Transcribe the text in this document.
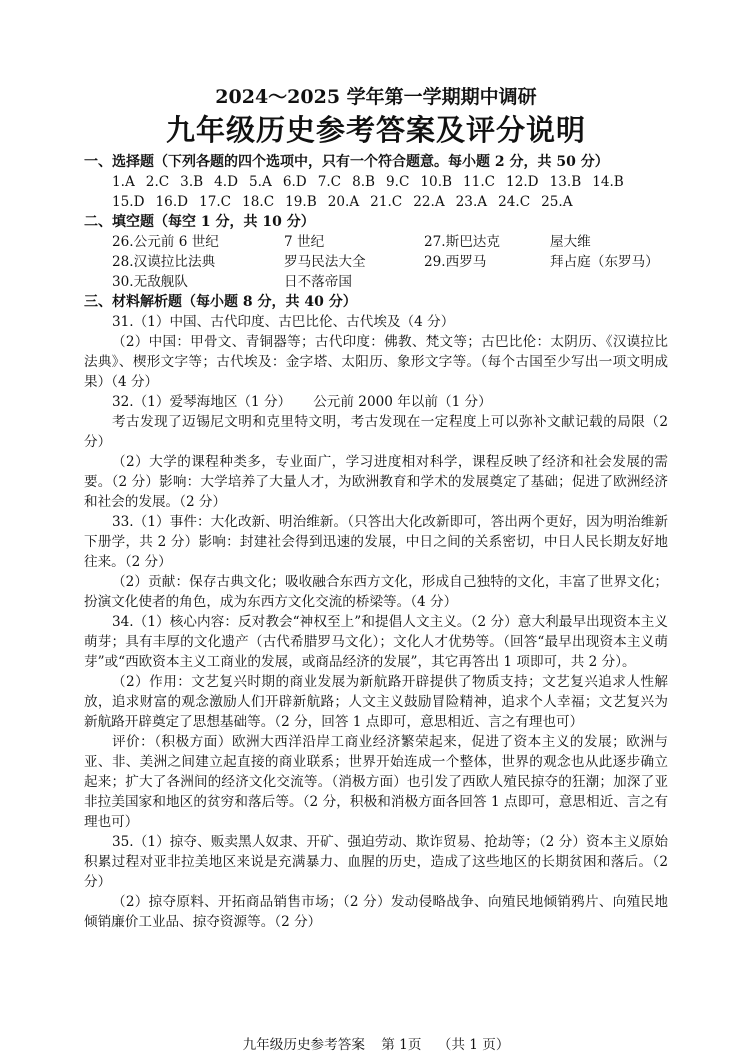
2024～2025 学年第一学期期中调研
九年级历史参考答案及评分说明
一、选择题（下列各题的四个选项中，只有一个符合题意。每小题 2 分，共 50 分）
1.A 2.C 3.B 4.D 5.A 6.D 7.C 8.B 9.C 10.B 11.C 12.D 13.B 14.B
15.D 16.D 17.C 18.C 19.B 20.A 21.C 22.A 23.A 24.C 25.A
二、填空题（每空 1 分，共 10 分）
26.公元前 6 世纪	7 世纪	27.斯巴达克	屋大维
28.汉谟拉比法典	罗马民法大全	29.西罗马	拜占庭（东罗马）
30.无敌舰队	日不落帝国
三、材料解析题（每小题 8 分，共 40 分）

31.（1）中国、古代印度、古巴比伦、古代埃及（4 分）

（2）中国：甲骨文、青铜器等；古代印度：佛教、梵文等；古巴比伦：太阴历、《汉谟拉比法典》、楔形文字等；古代埃及：金字塔、太阳历、象形文字等。（每个古国至少写出一项文明成果）（4 分）

32.（1）爱琴海地区（1 分） 公元前 2000 年以前（1 分）

考古发现了迈锡尼文明和克里特文明，考古发现在一定程度上可以弥补文献记载的局限（2 分）

（2）大学的课程种类多，专业面广，学习进度相对科学，课程反映了经济和社会发展的需要。（2 分）影响：大学培养了大量人才，为欧洲教育和学术的发展奠定了基础；促进了欧洲经济和社会的发展。（2 分）

33.（1）事件：大化改新、明治维新。（只答出大化改新即可，答出两个更好，因为明治维新下册学，共 2 分）影响：封建社会得到迅速的发展，中日之间的关系密切，中日人民长期友好地往来。（2 分）

（2）贡献：保存古典文化；吸收融合东西方文化，形成自己独特的文化，丰富了世界文化；扮演文化使者的角色，成为东西方文化交流的桥梁等。（4 分）

34.（1）核心内容：反对教会“神权至上”和提倡人文主义。（2 分）意大利最早出现资本主义萌芽；具有丰厚的文化遗产（古代希腊罗马文化）；文化人才优势等。（回答“最早出现资本主义萌芽”或“西欧资本主义工商业的发展，或商品经济的发展”，其它再答出 1 项即可，共 2 分）。

（2）作用：文艺复兴时期的商业发展为新航路开辟提供了物质支持；文艺复兴追求人性解放，追求财富的观念激励人们开辟新航路；人文主义鼓励冒险精神，追求个人幸福；文艺复兴为新航路开辟奠定了思想基础等。（2 分，回答 1 点即可，意思相近、言之有理也可）

评价：（积极方面）欧洲大西洋沿岸工商业经济繁荣起来，促进了资本主义的发展；欧洲与亚、非、美洲之间建立起直接的商业联系；世界开始连成一个整体，世界的观念也从此逐步确立起来；扩大了各洲间的经济文化交流等。（消极方面）也引发了西欧人殖民掠夺的狂潮；加深了亚非拉美国家和地区的贫穷和落后等。（2 分，积极和消极方面各回答 1 点即可，意思相近、言之有理也可）

35.（1）掠夺、贩卖黑人奴隶、开矿、强迫劳动、欺诈贸易、抢劫等；（2 分）资本主义原始积累过程对亚非拉美地区来说是充满暴力、血腥的历史，造成了这些地区的长期贫困和落后。（2 分）

（2）掠夺原料、开拓商品销售市场；（2 分）发动侵略战争、向殖民地倾销鸦片、向殖民地倾销廉价工业品、掠夺资源等。（2 分）

九年级历史参考答案 第 1页 （共 1 页）
